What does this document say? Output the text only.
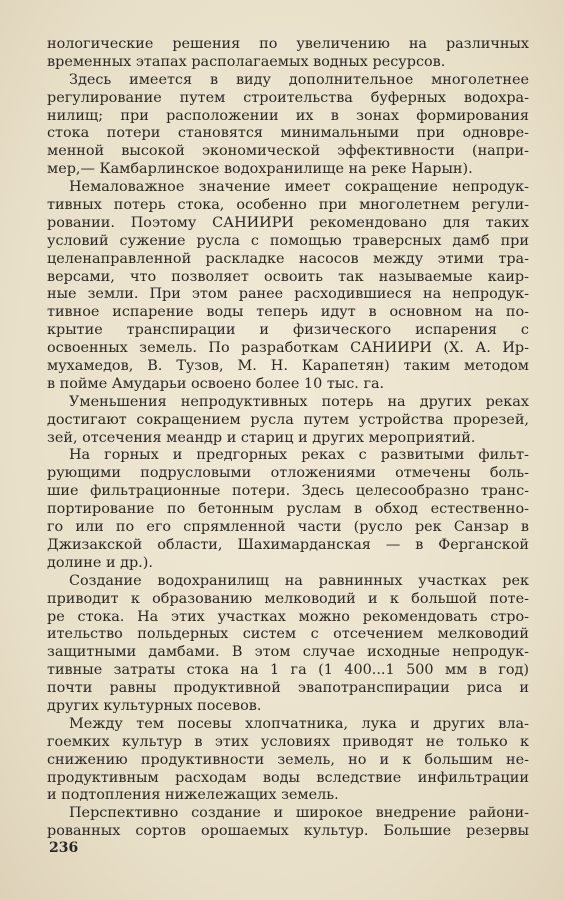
нологические решения по увеличению на различных
временных этапах располагаемых водных ресурсов.
Здесь имеется в виду дополнительное многолетнее
регулирование путем строительства буферных водохра-
нилищ; при расположении их в зонах формирования
стока потери становятся минимальными при одновре-
менной высокой экономической эффективности (напри-
мер,— Камбарлинское водохранилище на реке Нарын).
Немаловажное значение имеет сокращение непродук-
тивных потерь стока, особенно при многолетнем регули-
ровании. Поэтому САНИИРИ рекомендовано для таких
условий сужение русла с помощью траверсных дамб при
целенаправленной раскладке насосов между этими тра-
версами, что позволяет освоить так называемые каир-
ные земли. При этом ранее расходившиеся на непродук-
тивное испарение воды теперь идут в основном на по-
крытие транспирации и физического испарения с
освоенных земель. По разработкам САНИИРИ (Х. А. Ир-
мухамедов, В. Тузов, М. Н. Карапетян) таким методом
в пойме Амударьи освоено более 10 тыс. га.
Уменьшения непродуктивных потерь на других реках
достигают сокращением русла путем устройства прорезей,
зей, отсечения меандр и стариц и других мероприятий.
На горных и предгорных реках с развитыми фильт-
рующими подрусловыми отложениями отмечены боль-
шие фильтрационные потери. Здесь целесообразно транс-
портирование по бетонным руслам в обход естественно-
го или по его спрямленной части (русло рек Санзар в
Джизакской области, Шахимарданская — в Ферганской
долине и др.).
Создание водохранилищ на равнинных участках рек
приводит к образованию мелководий и к большой поте-
ре стока. На этих участках можно рекомендовать стро-
ительство польдерных систем с отсечением мелководий
защитными дамбами. В этом случае исходные непродук-
тивные затраты стока на 1 га (1 400...1 500 мм в год)
почти равны продуктивной эвапотранспирации риса и
других культурных посевов.
Между тем посевы хлопчатника, лука и других вла-
гоемких культур в этих условиях приводят не только к
снижению продуктивности земель, но и к большим не-
продуктивным расходам воды вследствие инфильтрации
и подтопления нижележащих земель.
Перспективно создание и широкое внедрение райони-
рованных сортов орошаемых культур. Большие резервы
236
